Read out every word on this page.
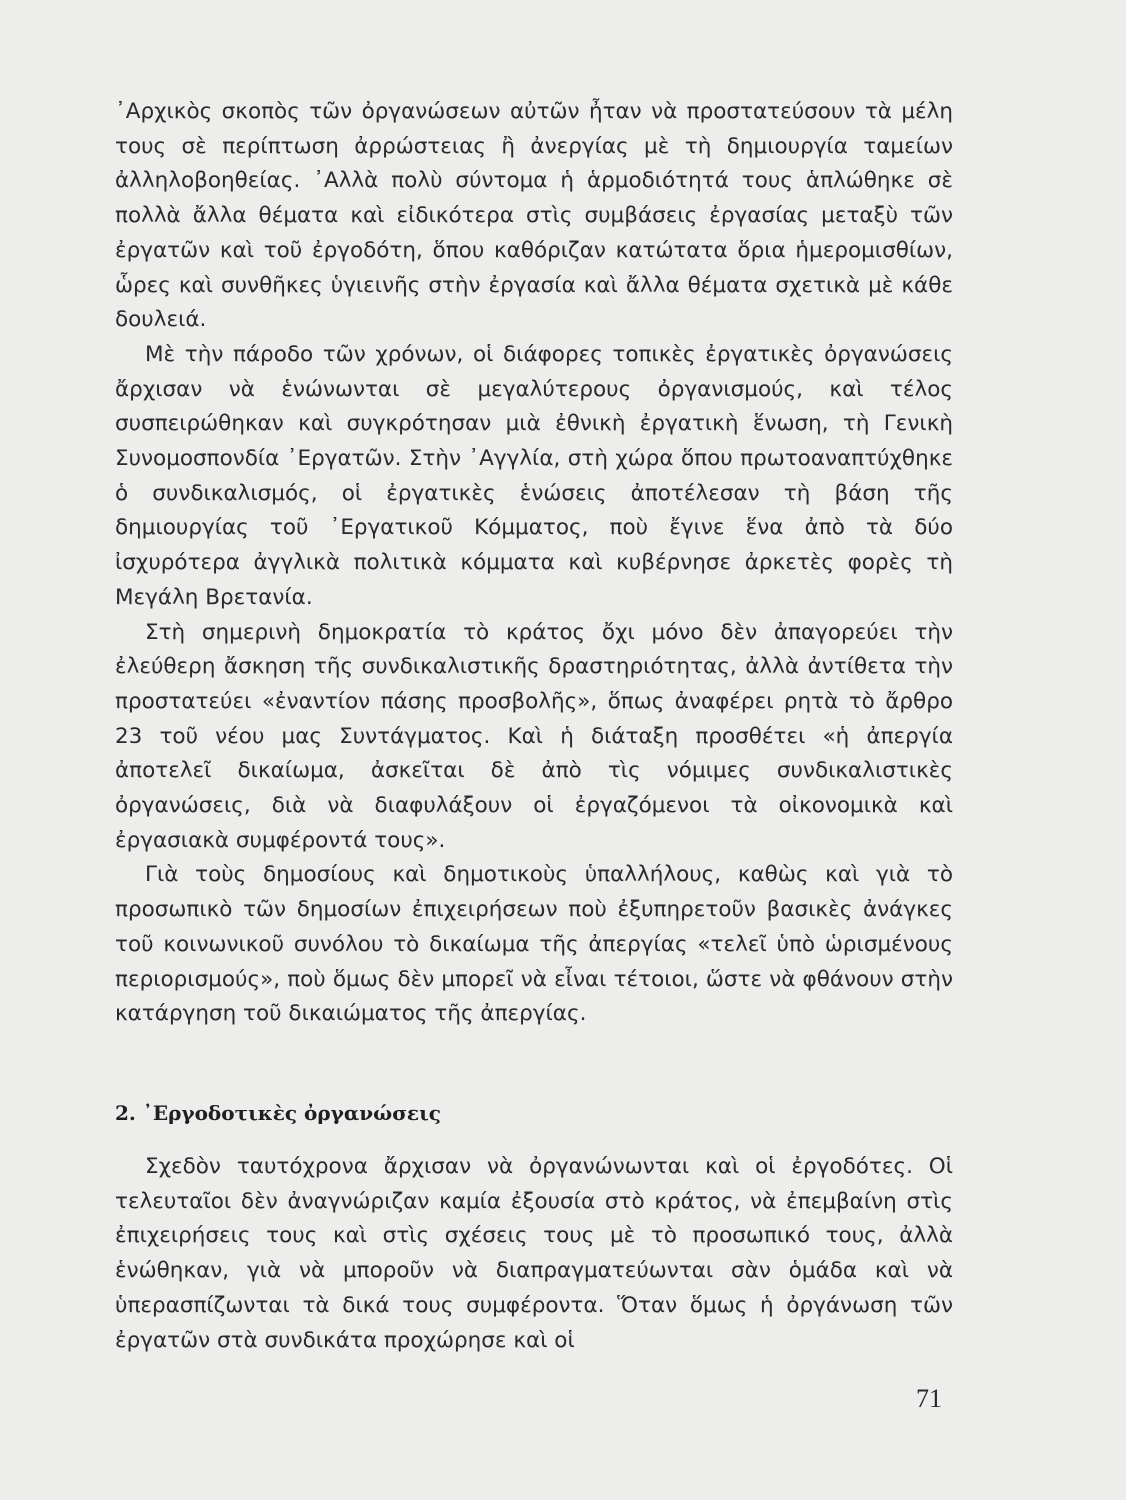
᾿Αρχικὸς σκοπὸς τῶν ὀργανώσεων αὐτῶν ἦταν νὰ προστατεύσουν τὰ μέλη τους σὲ περίπτωση ἀρρώστειας ἢ ἀνεργίας μὲ τὴ δημιουργία ταμείων ἀλληλοβοηθείας. ᾿Αλλὰ πολὺ σύντομα ἡ ἁρμοδιότητά τους ἁπλώθηκε σὲ πολλὰ ἄλλα θέματα καὶ εἰδικότερα στὶς συμβάσεις ἐργασίας μεταξὺ τῶν ἐργατῶν καὶ τοῦ ἐργοδότη, ὅπου καθόριζαν κατώτατα ὅρια ἡμερομισθίων, ὧρες καὶ συνθῆκες ὑγιεινῆς στὴν ἐργασία καὶ ἄλλα θέματα σχετικὰ μὲ κάθε δουλειά.

Μὲ τὴν πάροδο τῶν χρόνων, οἱ διάφορες τοπικὲς ἐργατικὲς ὀργανώσεις ἄρχισαν νὰ ἑνώνωνται σὲ μεγαλύτερους ὀργανισμούς, καὶ τέλος συσπειρώθηκαν καὶ συγκρότησαν μιὰ ἐθνικὴ ἐργατικὴ ἕνωση, τὴ Γενικὴ Συνομοσπονδία ᾿Εργατῶν. Στὴν ᾿Αγγλία, στὴ χώρα ὅπου πρωτοαναπτύχθηκε ὁ συνδικαλισμός, οἱ ἐργατικὲς ἑνώσεις ἀποτέλεσαν τὴ βάση τῆς δημιουργίας τοῦ ᾿Εργατικοῦ Κόμματος, ποὺ ἔγινε ἕνα ἀπὸ τὰ δύο ἰσχυρότερα ἀγγλικὰ πολιτικὰ κόμματα καὶ κυβέρνησε ἀρκετὲς φορὲς τὴ Μεγάλη Βρετανία.

Στὴ σημερινὴ δημοκρατία τὸ κράτος ὄχι μόνο δὲν ἀπαγορεύει τὴν ἐλεύθερη ἄσκηση τῆς συνδικαλιστικῆς δραστηριότητας, ἀλλὰ ἀντίθετα τὴν προστατεύει «ἐναντίον πάσης προσβολῆς», ὅπως ἀναφέρει ρητὰ τὸ ἄρθρο 23 τοῦ νέου μας Συντάγματος. Καὶ ἡ διάταξη προσθέτει «ἡ ἀπεργία ἀποτελεῖ δικαίωμα, ἀσκεῖται δὲ ἀπὸ τὶς νόμιμες συνδικαλιστικὲς ὀργανώσεις, διὰ νὰ διαφυλάξουν οἱ ἐργαζόμενοι τὰ οἰκονομικὰ καὶ ἐργασιακὰ συμφέροντά τους».

Γιὰ τοὺς δημοσίους καὶ δημοτικοὺς ὑπαλλήλους, καθὼς καὶ γιὰ τὸ προσωπικὸ τῶν δημοσίων ἐπιχειρήσεων ποὺ ἐξυπηρετοῦν βασικὲς ἀνάγκες τοῦ κοινωνικοῦ συνόλου τὸ δικαίωμα τῆς ἀπεργίας «τελεῖ ὑπὸ ὡρισμένους περιορισμούς», ποὺ ὅμως δὲν μπορεῖ νὰ εἶναι τέτοιοι, ὥστε νὰ φθάνουν στὴν κατάργηση τοῦ δικαιώματος τῆς ἀπεργίας.

2. ᾿Εργοδοτικὲς ὀργανώσεις

Σχεδὸν ταυτόχρονα ἄρχισαν νὰ ὀργανώνωνται καὶ οἱ ἐργοδότες. Οἱ τελευταῖοι δὲν ἀναγνώριζαν καμία ἐξουσία στὸ κράτος, νὰ ἐπεμβαίνη στὶς ἐπιχειρήσεις τους καὶ στὶς σχέσεις τους μὲ τὸ προσωπικό τους, ἀλλὰ ἑνώθηκαν, γιὰ νὰ μποροῦν νὰ διαπραγματεύωνται σὰν ὁμάδα καὶ νὰ ὑπερασπίζωνται τὰ δικά τους συμφέροντα. Ὅταν ὅμως ἡ ὀργάνωση τῶν ἐργατῶν στὰ συνδικάτα προχώρησε καὶ οἱ

71
